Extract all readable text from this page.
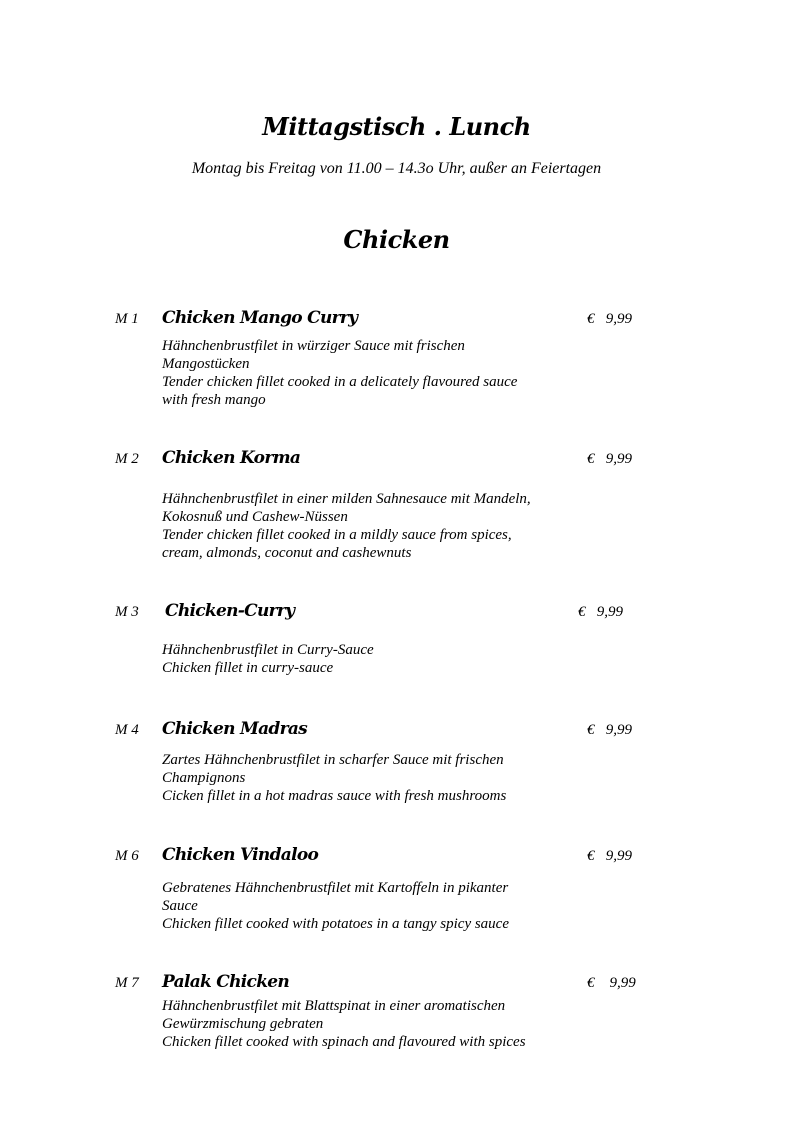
Mittagstisch . Lunch
Montag bis Freitag von 11.00 – 14.3o Uhr, außer an Feiertagen
Chicken
M 1 Chicken Mango Curry	€   9,99
Hähnchenbrustfilet in würziger Sauce mit frischen
Mangostücken
Tender chicken fillet cooked in a delicately flavoured sauce
with fresh mango
M 2 Chicken Korma	€   9,99
Hähnchenbrustfilet in einer milden Sahnesauce mit Mandeln,
Kokosnuß und Cashew-Nüssen
Tender chicken fillet cooked in a mildly sauce from spices,
cream, almonds, coconut and cashewnuts
M 3 Chicken-Curry	€   9,99
Hähnchenbrustfilet in Curry-Sauce
Chicken fillet in curry-sauce
M 4 Chicken Madras	€   9,99
Zartes Hähnchenbrustfilet in scharfer Sauce mit frischen
Champignons
Cicken fillet in a hot madras sauce with fresh mushrooms
M 6 Chicken Vindaloo	€   9,99
Gebratenes Hähnchenbrustfilet mit Kartoffeln in pikanter
Sauce
Chicken fillet cooked with potatoes in a tangy spicy sauce
M 7 Palak Chicken	€    9,99
Hähnchenbrustfilet mit Blattspinat in einer aromatischen
Gewürzmischung gebraten
Chicken fillet cooked with spinach and flavoured with spices
